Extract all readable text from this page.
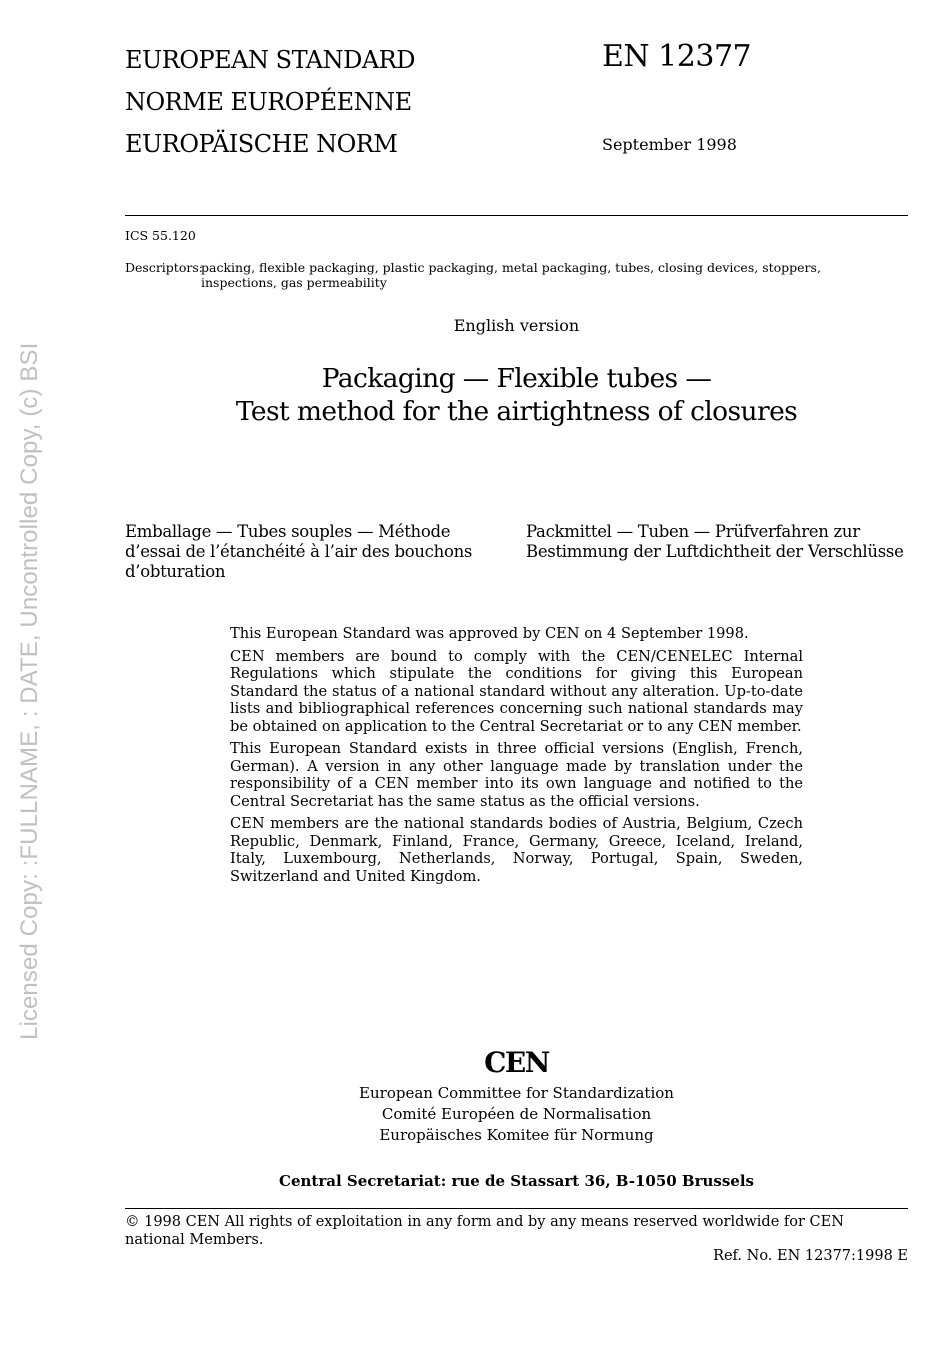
EUROPEAN STANDARD
NORME EUROPÉENNE
EUROPÄISCHE NORM
EN 12377
September 1998
ICS 55.120
Descriptors:
packing, flexible packaging, plastic packaging, metal packaging, tubes, closing devices, stoppers, inspections, gas permeability
English version
Packaging — Flexible tubes —
Test method for the airtightness of closures
Emballage — Tubes souples — Méthode d’essai de l’étanchéité à l’air des bouchons d’obturation
Packmittel — Tuben — Prüfverfahren zur Bestimmung der Luftdichtheit der Verschlüsse

This European Standard was approved by CEN on 4 September 1998.

CEN members are bound to comply with the CEN/CENELEC Internal Regulations which stipulate the conditions for giving this European Standard the status of a national standard without any alteration. Up-to-date lists and bibliographical references concerning such national standards may be obtained on application to the Central Secretariat or to any CEN member.

This European Standard exists in three official versions (English, French, German). A version in any other language made by translation under the responsibility of a CEN member into its own language and notified to the Central Secretariat has the same status as the official versions.

CEN members are the national standards bodies of Austria, Belgium, Czech Republic, Denmark, Finland, France, Germany, Greece, Iceland, Ireland, Italy, Luxembourg, Netherlands, Norway, Portugal, Spain, Sweden, Switzerland and United Kingdom.

CEN
European Committee for Standardization
Comité Européen de Normalisation
Europäisches Komitee für Normung
Central Secretariat: rue de Stassart 36, B-1050 Brussels
© 1998 CEN All rights of exploitation in any form and by any means reserved worldwide for CEN national Members.
Ref. No. EN 12377:1998 E
Licensed Copy: :FULLNAME, : DATE, Uncontrolled Copy, (c) BSI
